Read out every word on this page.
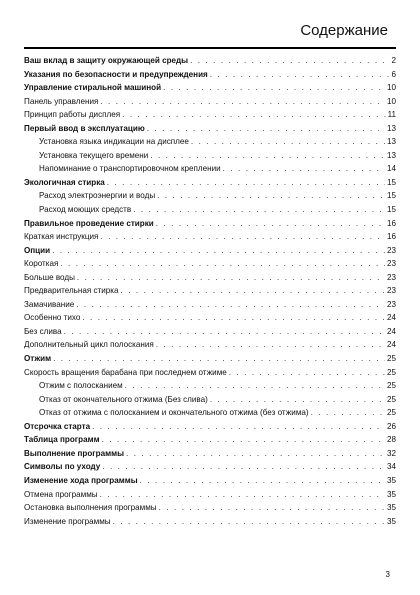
Содержание
Ваш вклад в защиту окружающей среды . . .	2
Указания по безопасности и предупреждения . . .	6
Управление стиральной машиной . . .	10
Панель управления . . .	10
Принцип работы дисплея . . .	11
Первый ввод в эксплуатацию . . .	13
Установка языка индикации на дисплее . . .	13
Установка текущего времени . . .	13
Напоминание о транспортировочном креплении . . .	14
Экологичная стирка . . .	15
Расход электроэнергии и воды . . .	15
Расход моющих средств . . .	15
Правильное проведение стирки . . .	16
Краткая инструкция . . .	16
Опции . . .	23
Короткая . . .	23
Больше воды . . .	23
Предварительная стирка . . .	23
Замачивание . . .	23
Особенно тихо . . .	24
Без слива . . .	24
Дополнительный цикл полоскания . . .	24
Отжим . . .	25
Скорость вращения барабана при последнем отжиме . . .	25
Отжим с полосканием . . .	25
Отказ от окончательного отжима (Без слива) . . .	25
Отказ от отжима с полосканием и окончательного отжима (без отжима) . . .	25
Отсрочка старта . . .	26
Таблица программ . . .	28
Выполнение программы . . .	32
Символы по уходу . . .	34
Изменение хода программы . . .	35
Отмена программы . . .	35
Остановка выполнения программы . . .	35
Изменение программы . . .	35
3
